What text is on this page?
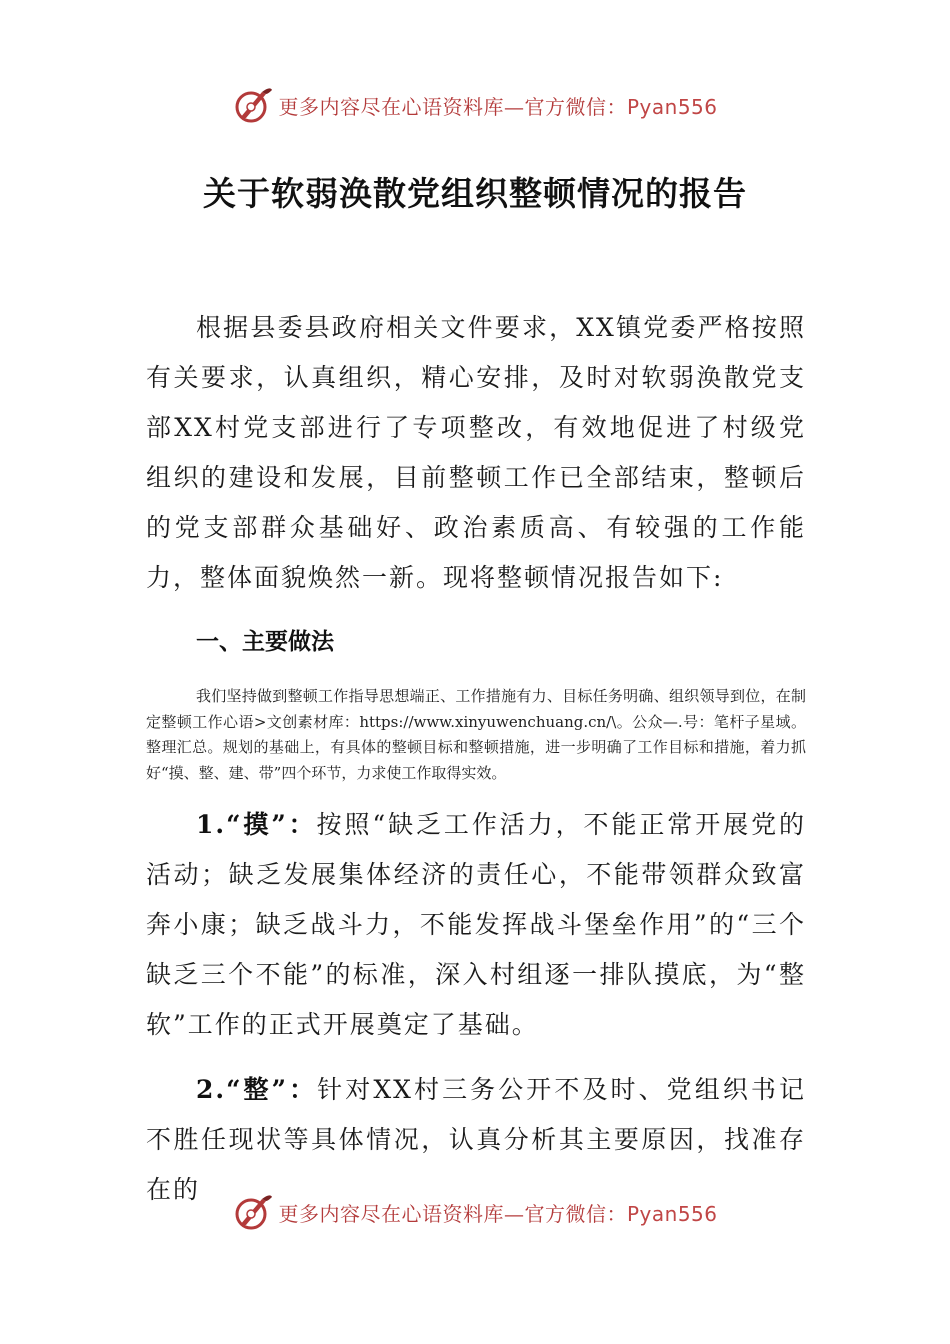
更多内容尽在心语资料库—官方微信：Pyan556
关于软弱涣散党组织整顿情况的报告

根据县委县政府相关文件要求，XX镇党委严格按照有关要求，认真组织，精心安排，及时对软弱涣散党支部XX村党支部进行了专项整改，有效地促进了村级党组织的建设和发展，目前整顿工作已全部结束，整顿后的党支部群众基础好、政治素质高、有较强的工作能力，整体面貌焕然一新。现将整顿情况报告如下:

一、主要做法

我们坚持做到整顿工作指导思想端正、工作措施有力、目标任务明确、组织领导到位，在制定整顿工作心语>文创素材库：https://www.xinyuwenchuang.cn/\。公众—.号：笔杆子星域。整理汇总。规划的基础上，有具体的整顿目标和整顿措施，进一步明确了工作目标和措施，着力抓好“摸、整、建、带”四个环节，力求使工作取得实效。

1.“摸”：按照“缺乏工作活力，不能正常开展党的活动；缺乏发展集体经济的责任心，不能带领群众致富奔小康；缺乏战斗力，不能发挥战斗堡垒作用”的“三个缺乏三个不能”的标准，深入村组逐一排队摸底，为“整软”工作的正式开展奠定了基础。

2.“整”：针对XX村三务公开不及时、党组织书记不胜任现状等具体情况，认真分析其主要原因，找准存在的

更多内容尽在心语资料库—官方微信：Pyan556
